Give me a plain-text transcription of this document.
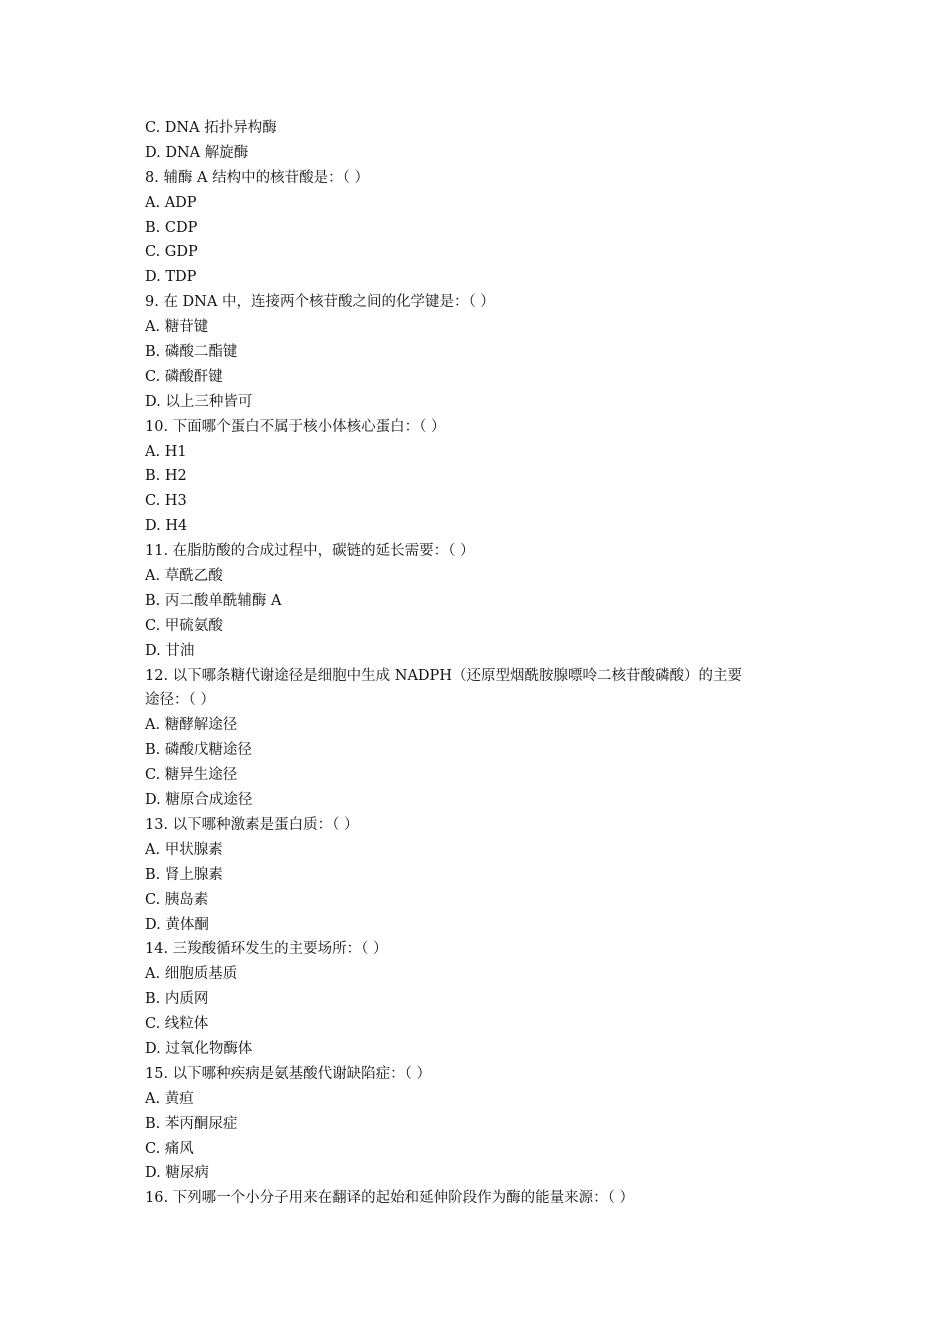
C. DNA 拓扑异构酶
D. DNA 解旋酶
8. 辅酶 A 结构中的核苷酸是：（ ）
A. ADP
B. CDP
C. GDP
D. TDP
9. 在 DNA 中，连接两个核苷酸之间的化学键是：（ ）
A. 糖苷键
B. 磷酸二酯键
C. 磷酸酐键
D. 以上三种皆可
10. 下面哪个蛋白不属于核小体核心蛋白：（ ）
A. H1
B. H2
C. H3
D. H4
11. 在脂肪酸的合成过程中，碳链的延长需要：（ ）
A. 草酰乙酸
B. 丙二酸单酰辅酶 A
C. 甲硫氨酸
D. 甘油
12. 以下哪条糖代谢途径是细胞中生成 NADPH（还原型烟酰胺腺嘌呤二核苷酸磷酸）的主要
途径：（ ）
A. 糖酵解途径
B. 磷酸戊糖途径
C. 糖异生途径
D. 糖原合成途径
13. 以下哪种激素是蛋白质：（ ）
A. 甲状腺素
B. 肾上腺素
C. 胰岛素
D. 黄体酮
14. 三羧酸循环发生的主要场所：（ ）
A. 细胞质基质
B. 内质网
C. 线粒体
D. 过氧化物酶体
15. 以下哪种疾病是氨基酸代谢缺陷症：（ ）
A. 黄疸
B. 苯丙酮尿症
C. 痛风
D. 糖尿病
16. 下列哪一个小分子用来在翻译的起始和延伸阶段作为酶的能量来源：（ ）
